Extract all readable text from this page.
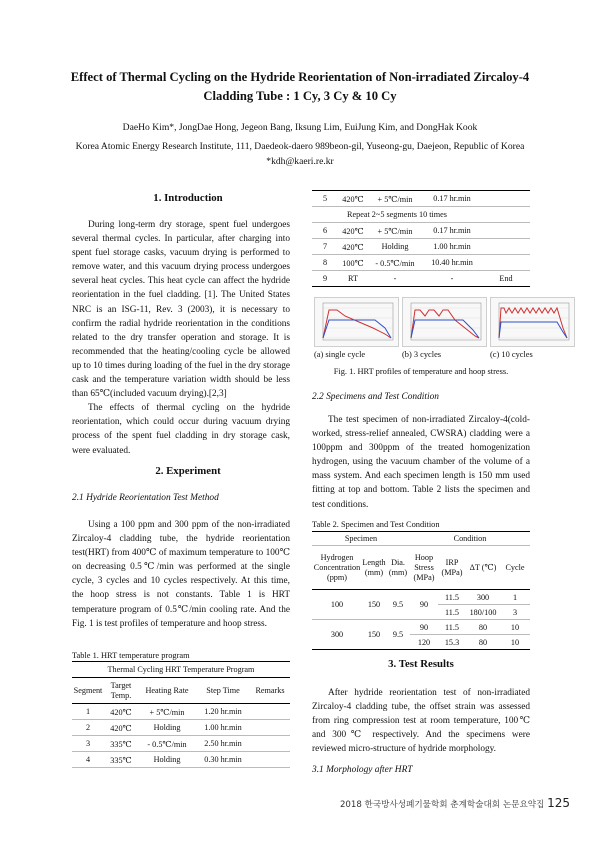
Effect of Thermal Cycling on the Hydride Reorientation of Non-irradiated Zircaloy-4
Cladding Tube : 1 Cy, 3 Cy & 10 Cy
DaeHo Kim*, JongDae Hong, Jegeon Bang, Iksung Lim, EuiJung Kim, and DongHak Kook
Korea Atomic Energy Research Institute, 111, Daedeok-daero 989beon-gil, Yuseong-gu, Daejeon, Republic of Korea
*kdh@kaeri.re.kr
1. Introduction

During long-term dry storage, spent fuel undergoes several thermal cycles. In particular, after charging into spent fuel storage casks, vacuum drying is performed to remove water, and this vacuum drying process undergoes several heat cycles. This heat cycle can affect the hydride reorientation in the fuel cladding. [1]. The United States NRC is an ISG-11, Rev. 3 (2003), it is necessary to confirm the radial hydride reorientation in the conditions related to the dry transfer operation and storage. It is recommended that the heating/cooling cycle be allowed up to 10 times during loading of the fuel in the dry storage cask and the temperature variation width should be less than 65℃(included vacuum drying).[2,3]

The effects of thermal cycling on the hydride reorientation, which could occur during vacuum drying process of the spent fuel cladding in dry storage cask, were evaluated.

2. Experiment
2.1 Hydride Reorientation Test Method

Using a 100 ppm and 300 ppm of the non-irradiated Zircaloy-4 cladding tube, the hydride reorientation test(HRT) from 400℃ of maximum temperature to 100℃ on decreasing 0.5℃/min was performed at the single cycle, 3 cycles and 10 cycles respectively. At this time, the hoop stress is not constants. Table 1 is HRT temperature program of 0.5℃/min cooling rate. And the Fig. 1 is test profiles of temperature and hoop stress.

Table 1. HRT temperature program
Thermal Cycling HRT Temperature Program				
Segment	Target Temp.	Heating Rate	Step Time	Remarks
1	420℃	+ 5℃/min	1.20 hr.min	
2	420℃	Holding	1.00 hr.min	
3	335℃	- 0.5℃/min	2.50 hr.min	
4	335℃	Holding	0.30 hr.min	
5	420℃	+ 5℃/min	0.17 hr.min	
Repeat 2~5 segments 10 times				
6	420℃	+ 5℃/min	0.17 hr.min	
7	420℃	Holding	1.00 hr.min	
8	100℃	- 0.5℃/min	10.40 hr.min	
9	RT	-	-	End
(a) single cycle	(b) 3 cycles	(c) 10 cycles
Fig. 1. HRT profiles of temperature and hoop stress.
2.2 Specimens and Test Condition

The test specimen of non-irradiated Zircaloy-4(cold-worked, stress-relief annealed, CWSRA) cladding were a 100ppm and 300ppm of the treated homogenization hydrogen, using the vacuum chamber of the volume of a mass system. And each specimen length is 150 mm used fitting at top and bottom. Table 2 lists the specimen and test conditions.

Table 2. Specimen and Test Condition
Specimen			Condition			
Hydrogen Concentration (ppm)	Length (mm)	Dia. (mm)	Hoop Stress (MPa)	IRP (MPa)	ΔT (℃)	Cycle
100	150	9.5	90	11.5	300	1
				11.5	180/100	3
300	150	9.5	90	11.5	80	10
			120	15.3	80	10
3. Test Results

After hydride reorientation test of non-irradiated Zircaloy-4 cladding tube, the offset strain was assessed from ring compression test at room temperature, 100℃ and 300℃ respectively. And the specimens were reviewed micro-structure of hydride morphology.

3.1 Morphology after HRT
2018 한국방사성폐기물학회 춘계학술대회 논문요약집 125
